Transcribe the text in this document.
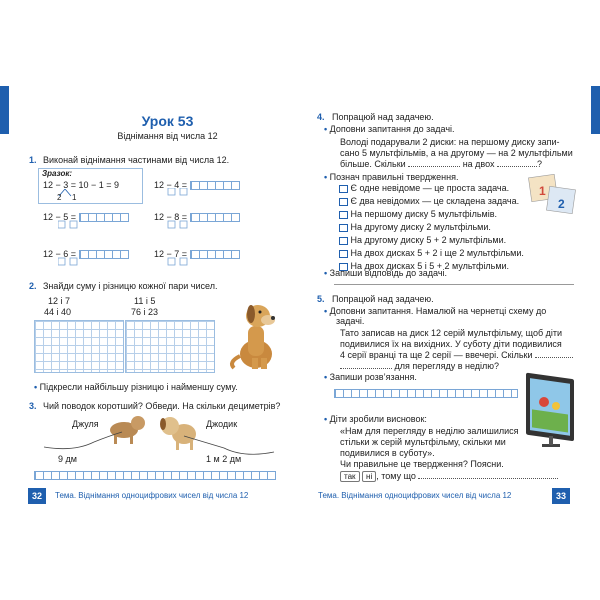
Урок 53
Віднімання від числа 12
1. Виконай віднімання частинами від числа 12.
Зразок:
12 − 3 = 10 − 1 = 9
2 1
12 − 4 =
12 − 5 =	12 − 8 =
12 − 6 =	12 − 7 =
2. Знайди суму і різницю кожної пари чисел.
12 і 7
44 і 40
11 і 5
76 і 23
• Підкресли найбільшу різницю і найменшу суму.
3. Чий поводок коротший? Обведи. На скільки дециметрів?
Джуля	Джодик
9 дм	1 м 2 дм
4. Попрацюй над задачею.
• Доповни запитання до задачі.
Володі подарували 2 диски: на першому диску запи-
сано 5 мультфільмів, а на другому — на 2 мультфільми
більше. Скільки	на двох	?
• Познач правильні твердження.
Є одне невідоме — це проста задача.
Є два невідомих — це складена задача.
На першому диску 5 мультфільмів.
На другому диску 2 мультфільми.
На другому диску 5 + 2 мультфільми.
На двох дисках 5 + 2 і ще 2 мультфільми.
На двох дисках 5 і 5 + 2 мультфільми.
1
2
• Запиши відповідь до задачі.
5. Попрацюй над задачею.
• Доповни запитання. Намалюй на чернетці схему до
задачі.
Тато записав на диск 12 серій мультфільму, щоб діти
подивилися їх на вихідних. У суботу діти подивилися
4 серії вранці та ще 2 серії — ввечері. Скільки
для перегляду в неділю?
• Запиши розв’язання.
• Діти зробили висновок:
«Нам для перегляду в неділю залишилися
стільки ж серій мультфільму, скільки ми
подивилися в суботу».
Чи правильне це твердження? Поясни.
так ні , тому що
32	Тема. Віднімання одноцифрових чисел від числа 12	Тема. Віднімання одноцифрових чисел від числа 12	33
